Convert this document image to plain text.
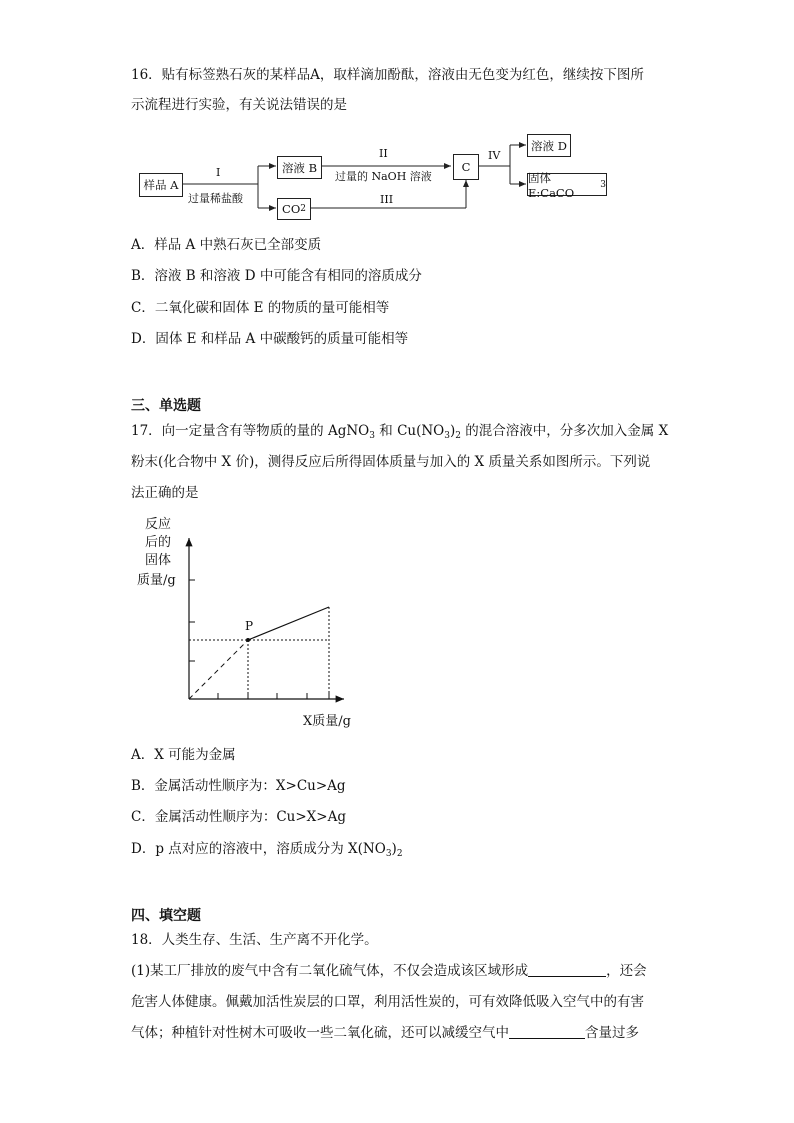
16．贴有标签熟石灰的某样品A，取样滴加酚酞，溶液由无色变为红色，继续按下图所
示流程进行实验，有关说法错误的是
样品 A
I
过量稀盐酸
溶液 B
CO 2
II
过量的 NaOH 溶液
III
C
IV
溶液 D
固体 E:CaCO
3
A．样品 A 中熟石灰已全部变质
B．溶液 B 和溶液 D 中可能含有相同的溶质成分
C．二氧化碳和固体 E 的物质的量可能相等
D．固体 E 和样品 A 中碳酸钙的质量可能相等
三、单选题
17．向一定量含有等物质的量的 AgNO$_3$ 和 $Cu(NO_3)_2$ 的混合溶液中，分多次加入金属 X
粉末(化合物中 X 价)，测得反应后所得固体质量与加入的 X 质量关系如图所示。下列说
法正确的是
反应
后的
固体
质量/g
P
X质量/g
A．X 可能为金属
B．金属活动性顺序为：X>Cu>Ag
C．金属活动性顺序为：Cu>X>Ag
D．p 点对应的溶液中，溶质成分为 $X(NO_3)_2$
四、填空题
18．人类生存、生活、生产离不开化学。
(1)某工厂排放的废气中含有二氧化硫气体，不仅会造成该区域形成	，还会
危害人体健康。佩戴加活性炭层的口罩，利用活性炭的，可有效降低吸入空气中的有害
气体；种植针对性树木可吸收一些二氧化硫，还可以减缓空气中	含量过多
